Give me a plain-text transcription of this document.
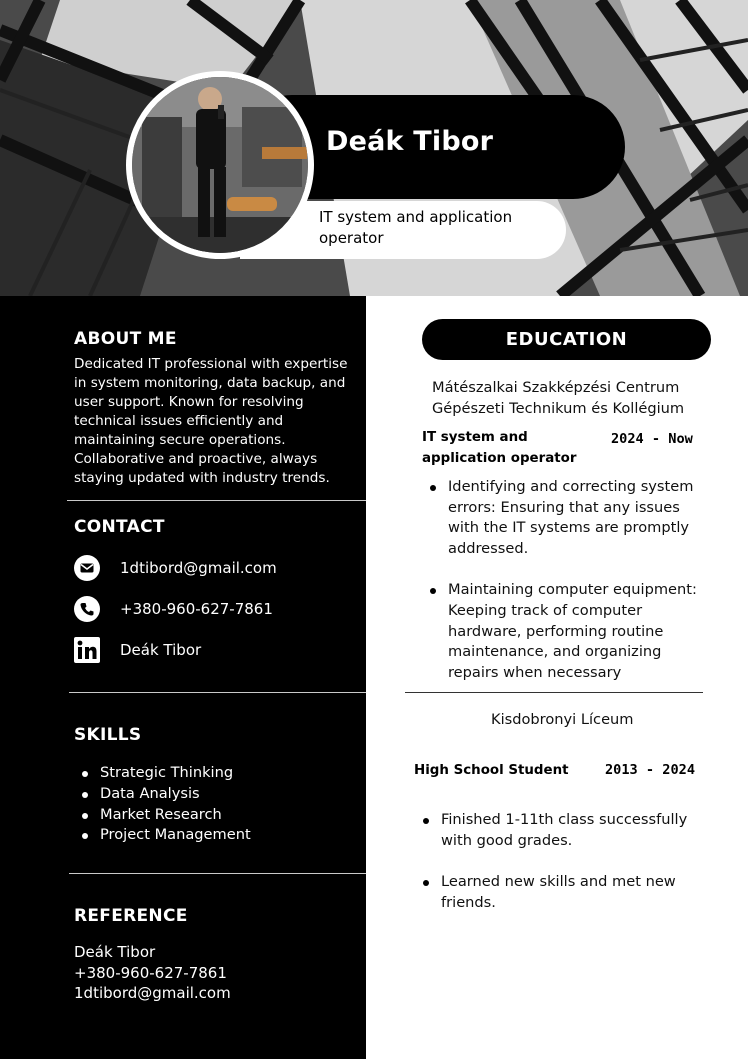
Deák Tibor
IT system and application operator
ABOUT ME
Dedicated IT professional with expertise in system monitoring, data backup, and user support. Known for resolving technical issues efficiently and maintaining secure operations. Collaborative and proactive, always staying updated with industry trends.
CONTACT
1dtibord@gmail.com
+380-960-627-7861
Deák Tibor
SKILLS
Strategic Thinking
Data Analysis
Market Research
Project Management
REFERENCE
Deák Tibor
+380-960-627-7861
1dtibord@gmail.com
EDUCATION
Mátészalkai Szakképzési Centrum
Gépészeti Technikum és Kollégium
IT system and
application operator
2024 - Now
Identifying and correcting system errors: Ensuring that any issues with the IT systems are promptly addressed.
Maintaining computer equipment: Keeping track of computer hardware, performing routine maintenance, and organizing repairs when necessary
Kisdobronyi Líceum
High School Student	2013 - 2024
Finished 1-11th class successfully with good grades.
Learned new skills and met new friends.
